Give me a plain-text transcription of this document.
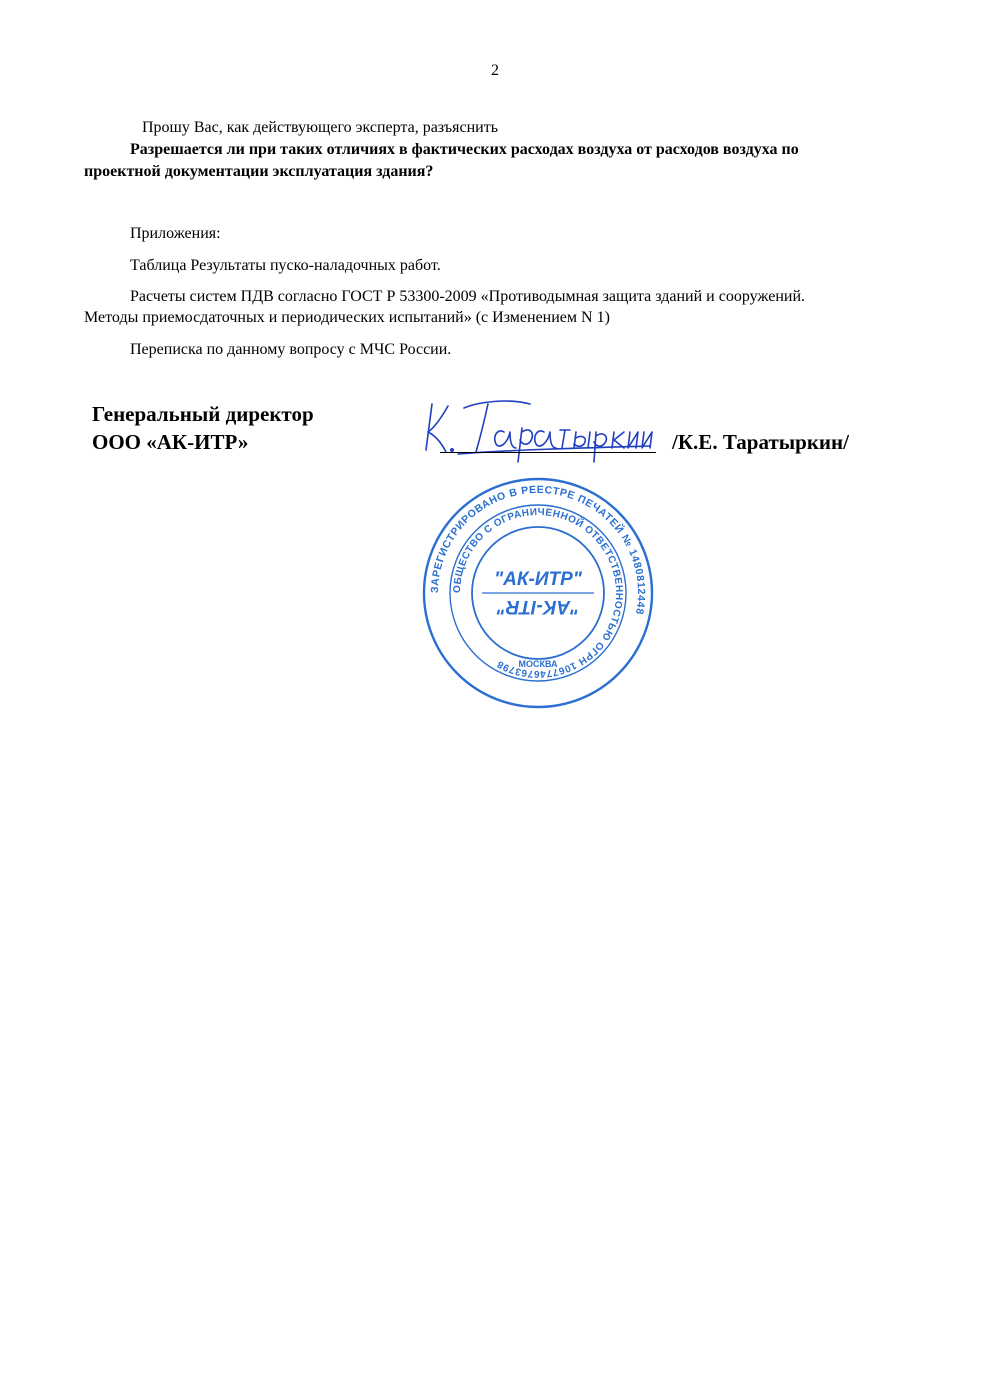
2
Прошу Вас, как действующего эксперта, разъяснить
Разрешается ли при таких отличиях в фактических расходах воздуха от расходов воздуха по
проектной документации эксплуатация здания?
Приложения:
Таблица Результаты пуско-наладочных работ.
Расчеты систем ПДВ согласно ГОСТ Р 53300-2009 «Противодымная защита зданий и сооружений.
Методы приемосдаточных и периодических испытаний» (с Изменением N 1)
Переписка по данному вопросу с МЧС России.
Генеральный директор
ООО «АК-ИТР»	/К.Е. Таратыркин/
ЗАРЕГИСТРИРОВАНО В РЕЕСТРЕ ПЕЧАТЕЙ № 1480812448
ОБЩЕСТВО С ОГРАНИЧЕННОЙ ОТВЕТСТВЕННОСТЬЮ ОГРН 1067746763798
"АК-ИТР"
"AK-ITR"
МОСКВА
